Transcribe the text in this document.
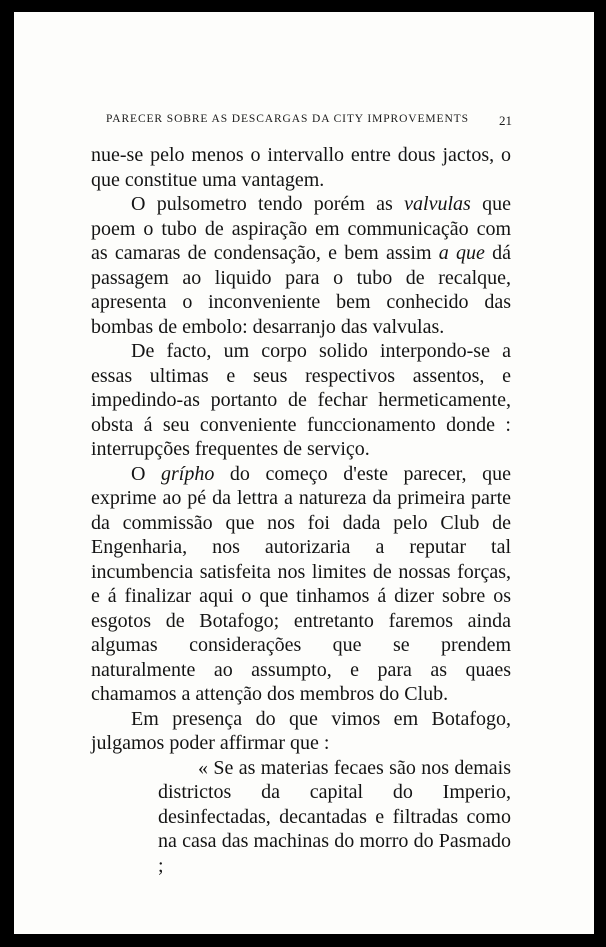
PARECER SOBRE AS DESCARGAS DA CITY IMPROVEMENTS 21

nue-se pelo menos o intervallo entre dous jactos, o que constitue uma vantagem.

O pulsometro tendo porém as valvulas que poem o tubo de aspiração em communicação com as camaras de condensação, e bem assim a que dá passagem ao liquido para o tubo de recalque, apresenta o inconveniente bem conhecido das bombas de embolo: desarranjo das valvulas.

De facto, um corpo solido interpondo-se a essas ultimas e seus respectivos assentos, e impedindo-as portanto de fechar hermeticamente, obsta á seu conveniente funccionamento donde : interrupções frequentes de serviço.

O grípho do começo d'este parecer, que exprime ao pé da lettra a natureza da primeira parte da commissão que nos foi dada pelo Club de Engenharia, nos autorizaria a reputar tal incumbencia satisfeita nos limites de nossas forças, e á finalizar aqui o que tinhamos á dizer sobre os esgotos de Botafogo; entretanto faremos ainda algumas considerações que se prendem naturalmente ao assumpto, e para as quaes chamamos a attenção dos membros do Club.

Em presença do que vimos em Botafogo, julgamos poder affirmar que :

« Se as materias fecaes são nos demais districtos da capital do Imperio, desinfectadas, decantadas e filtradas como na casa das machinas do morro do Pasmado ;
